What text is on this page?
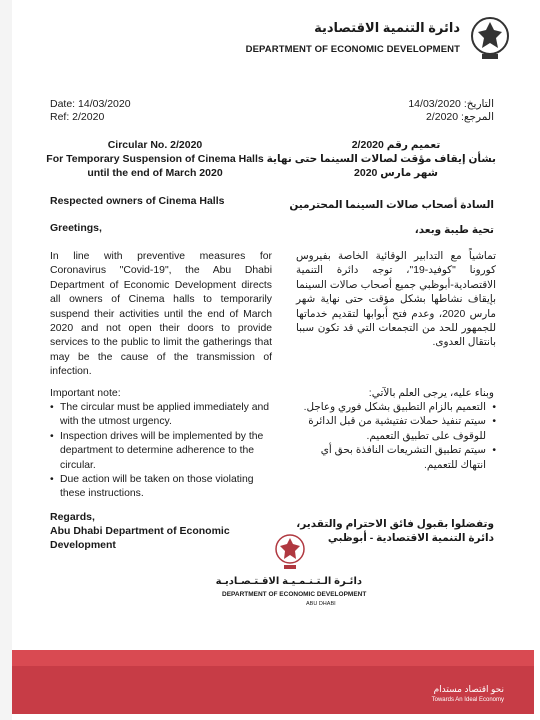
دائرة التنمية الاقتصادية
DEPARTMENT OF ECONOMIC DEVELOPMENT
Date: 14/03/2020
Ref: 2/2020
التاريخ: 14/03/2020
المرجع: 2/2020
Circular No. 2/2020
For Temporary Suspension of Cinema Halls
until the end of March 2020
تعميم رقم 2/2020
بشأن إيقاف مؤقت لصالات السينما حتى نهاية
شهر مارس 2020
Respected owners of Cinema Halls	السادة أصحاب صالات السينما المحترمين
Greetings,	تحية طيبة وبعد،
In line with preventive measures for Coronavirus "Covid-19", the Abu Dhabi Department of Economic Development directs all owners of Cinema halls to temporarily suspend their activities until the end of March 2020 and not open their doors to provide services to the public to limit the gatherings that may be the cause of the transmission of infection.
تماشياً مع التدابير الوقائية الخاصة بفيروس كورونا "كوفيد-19"، توجه دائرة التنمية الاقتصادية-أبوظبي جميع أصحاب صالات السينما بإيقاف نشاطها بشكل مؤقت حتى نهاية شهر مارس 2020، وعدم فتح أبوابها لتقديم خدماتها للجمهور للحد من التجمعات التي قد تكون سببا بانتقال العدوى.
Important note:
• The circular must be applied immediately and with the utmost urgency.
• Inspection drives will be implemented by the department to determine adherence to the circular.
• Due action will be taken on those violating these instructions.
وبناء عليه، يرجى العلم بالآتي:
• التعميم بالزام التطبيق بشكل فوري وعاجل.
• سيتم تنفيذ حملات تفتيشية من قبل الدائرة للوقوف على تطبيق التعميم.
• سيتم تطبيق التشريعات النافذة بحق أي انتهاك للتعميم.
Regards,
Abu Dhabi Department of Economic
Development
وتفضلوا بقبول فائق الاحترام والتقدير،
دائرة التنمية الاقتصادية - أبوظبي
دائـرة الـتـنـمـيـة الاقـتـصـاديـة
DEPARTMENT OF ECONOMIC DEVELOPMENT
ABU DHABI
نحو اقتصاد مستدام
Towards An Ideal Economy
